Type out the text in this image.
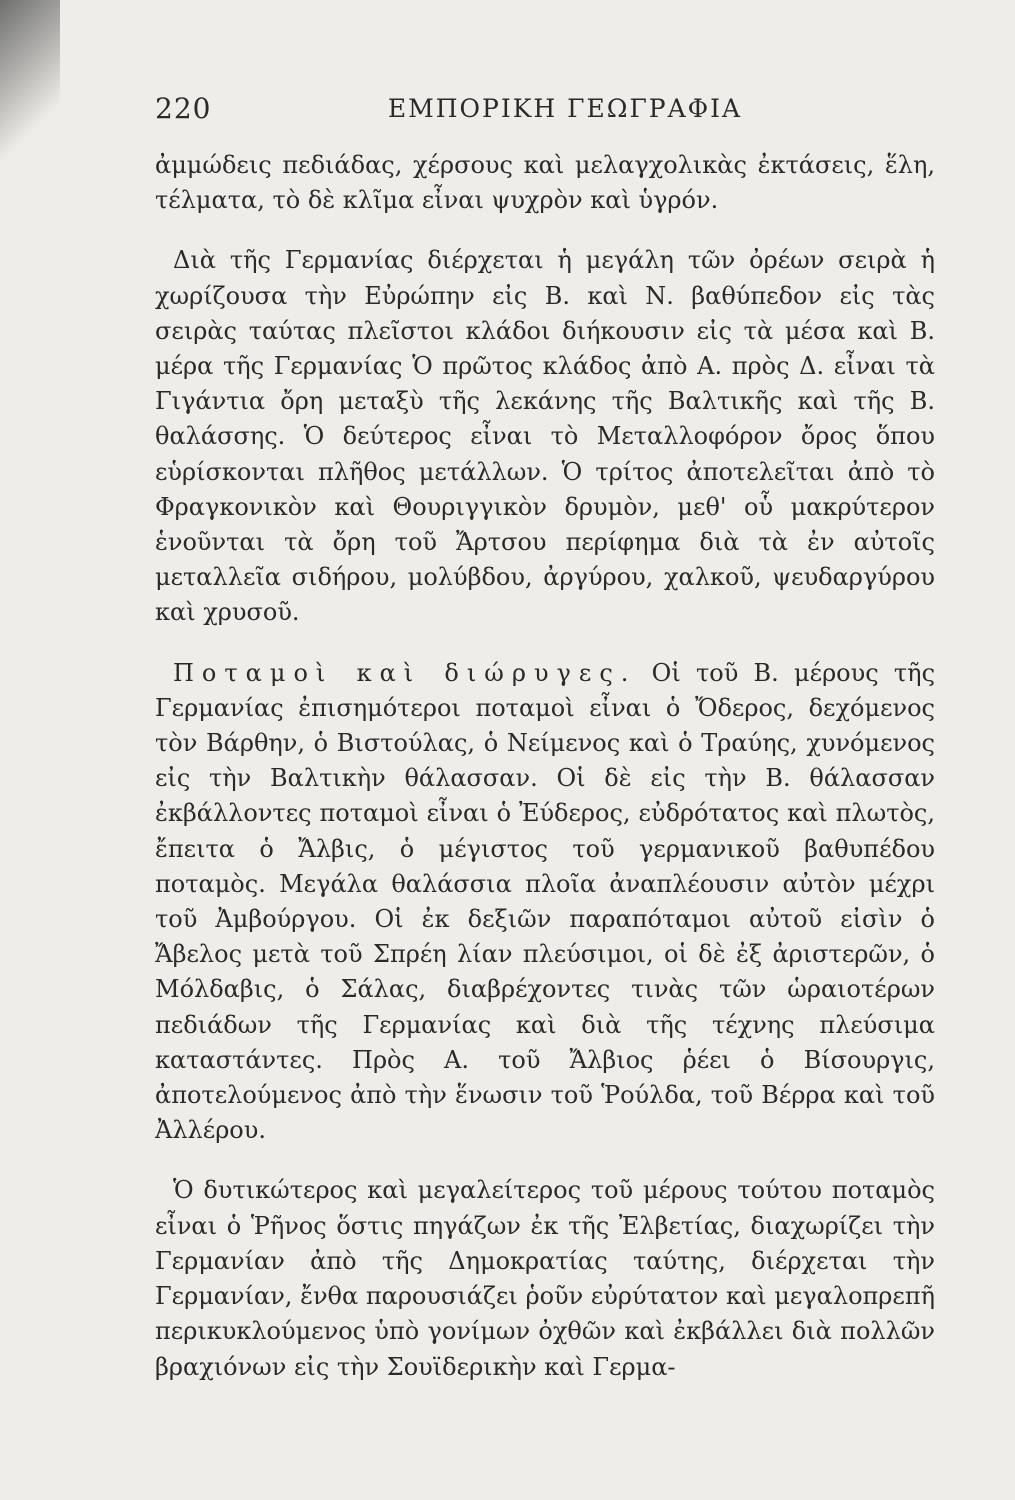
220	ΕΜΠΟΡΙΚΗ ΓΕΩΓΡΑΦΙΑ

ἀμμώδεις πεδιάδας, χέρσους καὶ μελαγχολικὰς ἐκτάσεις, ἕλη, τέλματα, τὸ δὲ κλῖμα εἶναι ψυχρὸν καὶ ὑγρόν.

Διὰ τῆς Γερμανίας διέρχεται ἡ μεγάλη τῶν ὀρέων σειρὰ ἡ χωρίζουσα τὴν Εὐρώπην εἰς Β. καὶ Ν. βαθύπεδον εἰς τὰς σειρὰς ταύτας πλεῖστοι κλάδοι διήκουσιν εἰς τὰ μέσα καὶ Β. μέρα τῆς Γερμανίας Ὁ πρῶτος κλάδος ἀπὸ Α. πρὸς Δ. εἶναι τὰ Γιγάντια ὄρη μεταξὺ τῆς λεκάνης τῆς Βαλτικῆς καὶ τῆς Β. θαλάσσης. Ὁ δεύτερος εἶναι τὸ Μεταλλοφόρον ὄρος ὅπου εὑρίσκονται πλῆθος μετάλλων. Ὁ τρίτος ἀποτελεῖται ἀπὸ τὸ Φραγκονικὸν καὶ Θουριγγικὸν δρυμὸν, μεθ' οὗ μακρύτερον ἑνοῦνται τὰ ὄρη τοῦ Ἄρτσου περίφημα διὰ τὰ ἐν αὐτοῖς μεταλλεῖα σιδήρου, μολύβδου, ἀργύρου, χαλκοῦ, ψευδαργύρου καὶ χρυσοῦ.

Ποταμοὶ καὶ διώρυγες. Οἱ τοῦ Β. μέρους τῆς Γερμανίας ἐπισημότεροι ποταμοὶ εἶναι ὁ Ὄδερος, δεχόμενος τὸν Βάρθην, ὁ Βιστούλας, ὁ Νείμενος καὶ ὁ Τραύης, χυνόμενος εἰς τὴν Βαλτικὴν θάλασσαν. Οἱ δὲ εἰς τὴν Β. θάλασσαν ἐκβάλλοντες ποταμοὶ εἶναι ὁ Ἐύδερος, εὐδρότατος καὶ πλωτὸς, ἔπειτα ὁ Ἄλβις, ὁ μέγιστος τοῦ γερμανικοῦ βαθυπέδου ποταμὸς. Μεγάλα θαλάσσια πλοῖα ἀναπλέουσιν αὐτὸν μέχρι τοῦ Ἀμβούργου. Οἱ ἐκ δεξιῶν παραπόταμοι αὐτοῦ εἰσὶν ὁ Ἄβελος μετὰ τοῦ Σπρέη λίαν πλεύσιμοι, οἱ δὲ ἐξ ἀριστερῶν, ὁ Μόλδαβις, ὁ Σάλας, διαβρέχοντες τινὰς τῶν ὡραιοτέρων πεδιάδων τῆς Γερμανίας καὶ διὰ τῆς τέχνης πλεύσιμα καταστάντες. Πρὸς Α. τοῦ Ἄλβιος ῥέει ὁ Βίσουργις, ἀποτελούμενος ἀπὸ τὴν ἕνωσιν τοῦ Ῥούλδα, τοῦ Βέρρα καὶ τοῦ Ἀλλέρου.

Ὁ δυτικώτερος καὶ μεγαλείτερος τοῦ μέρους τούτου ποταμὸς εἶναι ὁ Ῥῆνος ὅστις πηγάζων ἐκ τῆς Ἐλβετίας, διαχωρίζει τὴν Γερμανίαν ἀπὸ τῆς Δημοκρατίας ταύτης, διέρχεται τὴν Γερμανίαν, ἔνθα παρουσιάζει ῥοῦν εὐρύτατον καὶ μεγαλοπρεπῆ περικυκλούμενος ὑπὸ γονίμων ὀχθῶν καὶ ἐκβάλλει διὰ πολλῶν βραχιόνων εἰς τὴν Σουϊδερικὴν καὶ Γερμα-
